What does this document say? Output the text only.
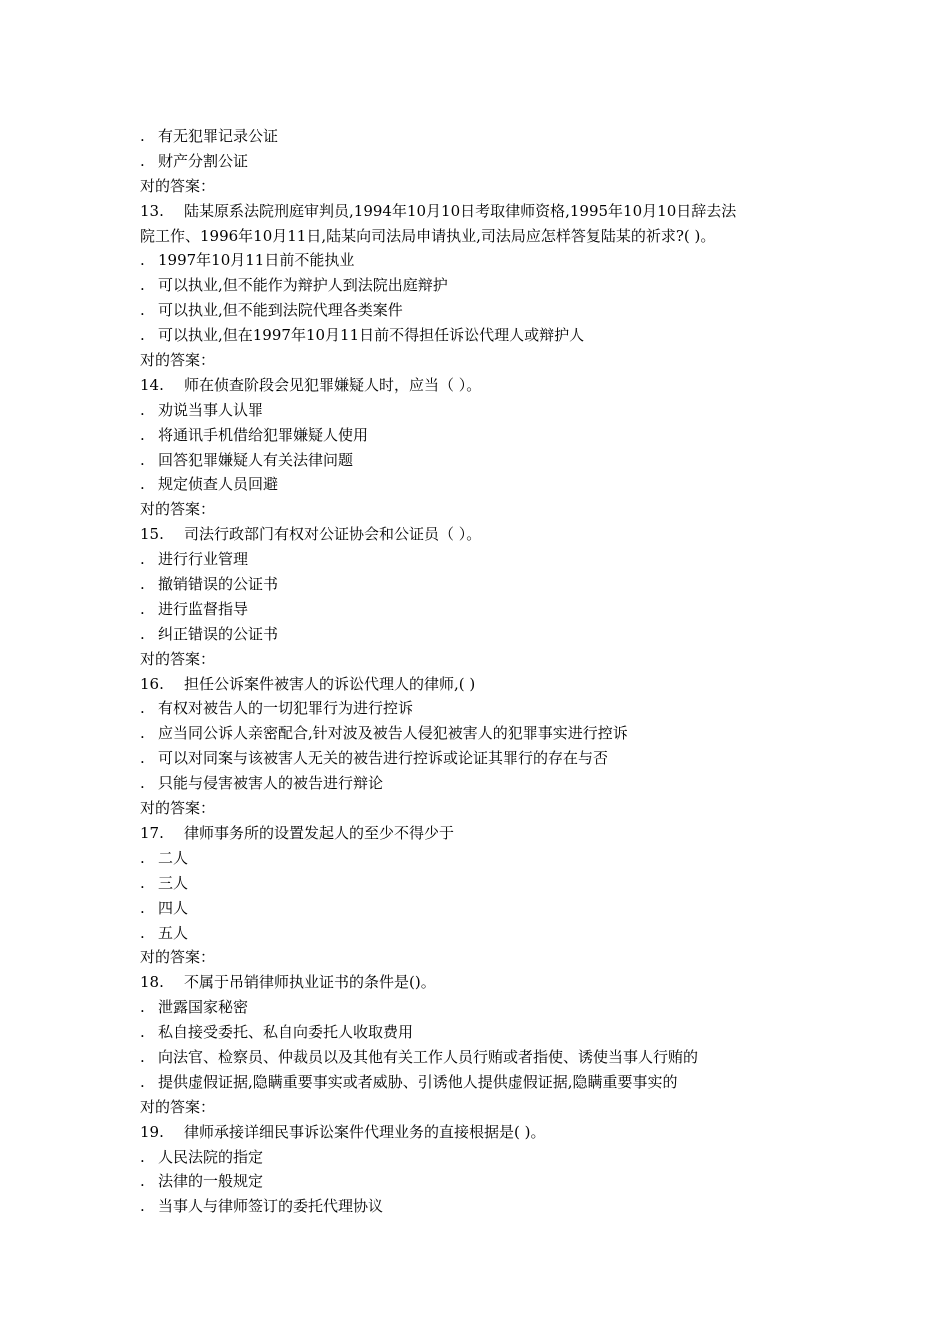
. 有无犯罪记录公证
. 财产分割公证
对的答案：
13. 陆某原系法院刑庭审判员,1994年10月10日考取律师资格,1995年10月10日辞去法
院工作、1996年10月11日,陆某向司法局申请执业,司法局应怎样答复陆某的祈求?( )。
. 1997年10月11日前不能执业
. 可以执业,但不能作为辩护人到法院出庭辩护
. 可以执业,但不能到法院代理各类案件
. 可以执业,但在1997年10月11日前不得担任诉讼代理人或辩护人
对的答案：
14. 师在侦查阶段会见犯罪嫌疑人时，应当（ ）。
. 劝说当事人认罪
. 将通讯手机借给犯罪嫌疑人使用
. 回答犯罪嫌疑人有关法律问题
. 规定侦查人员回避
对的答案：
15. 司法行政部门有权对公证协会和公证员（ ）。
. 进行行业管理
. 撤销错误的公证书
. 进行监督指导
. 纠正错误的公证书
对的答案：
16. 担任公诉案件被害人的诉讼代理人的律师,( )
. 有权对被告人的一切犯罪行为进行控诉
. 应当同公诉人亲密配合,针对波及被告人侵犯被害人的犯罪事实进行控诉
. 可以对同案与该被害人无关的被告进行控诉或论证其罪行的存在与否
. 只能与侵害被害人的被告进行辩论
对的答案：
17. 律师事务所的设置发起人的至少不得少于
. 二人
. 三人
. 四人
. 五人
对的答案：
18. 不属于吊销律师执业证书的条件是()。
. 泄露国家秘密
. 私自接受委托、私自向委托人收取费用
. 向法官、检察员、仲裁员以及其他有关工作人员行贿或者指使、诱使当事人行贿的
. 提供虚假证据,隐瞒重要事实或者威胁、引诱他人提供虚假证据,隐瞒重要事实的
对的答案：
19. 律师承接详细民事诉讼案件代理业务的直接根据是( )。
. 人民法院的指定
. 法律的一般规定
. 当事人与律师签订的委托代理协议
